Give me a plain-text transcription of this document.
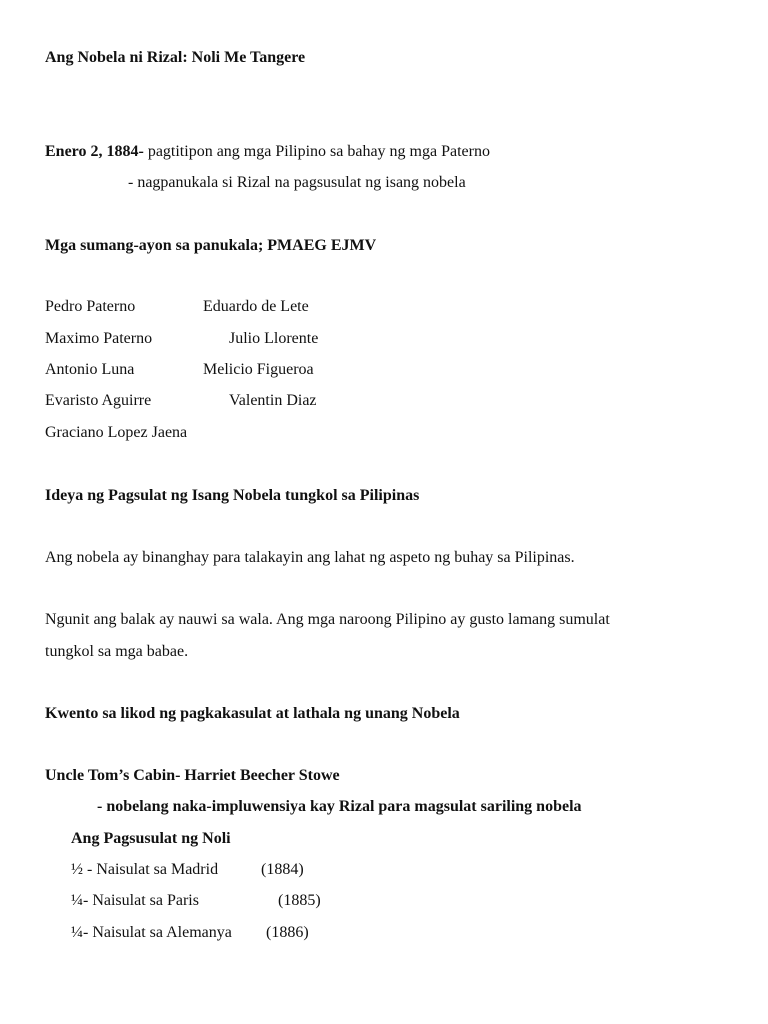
Ang Nobela ni Rizal: Noli Me Tangere
Enero 2, 1884- pagtitipon ang mga Pilipino sa bahay ng mga Paterno
- nagpanukala si Rizal na pagsusulat ng isang nobela
Mga sumang-ayon sa panukala; PMAEG EJMV
Pedro Paterno	Eduardo de Lete
Maximo Paterno	Julio Llorente
Antonio Luna	Melicio Figueroa
Evaristo Aguirre	Valentin Diaz
Graciano Lopez Jaena
Ideya ng Pagsulat ng Isang Nobela tungkol sa Pilipinas
Ang nobela ay binanghay para talakayin ang lahat ng aspeto ng buhay sa Pilipinas.
Ngunit ang balak ay nauwi sa wala. Ang mga naroong Pilipino ay gusto lamang sumulat
tungkol sa mga babae.
Kwento sa likod ng pagkakasulat at lathala ng unang Nobela
Uncle Tom’s Cabin- Harriet Beecher Stowe
- nobelang naka-impluwensiya kay Rizal para magsulat sariling nobela
Ang Pagsusulat ng Noli
½ - Naisulat sa Madrid	(1884)
¼- Naisulat sa Paris	(1885)
¼- Naisulat sa Alemanya (1886)
